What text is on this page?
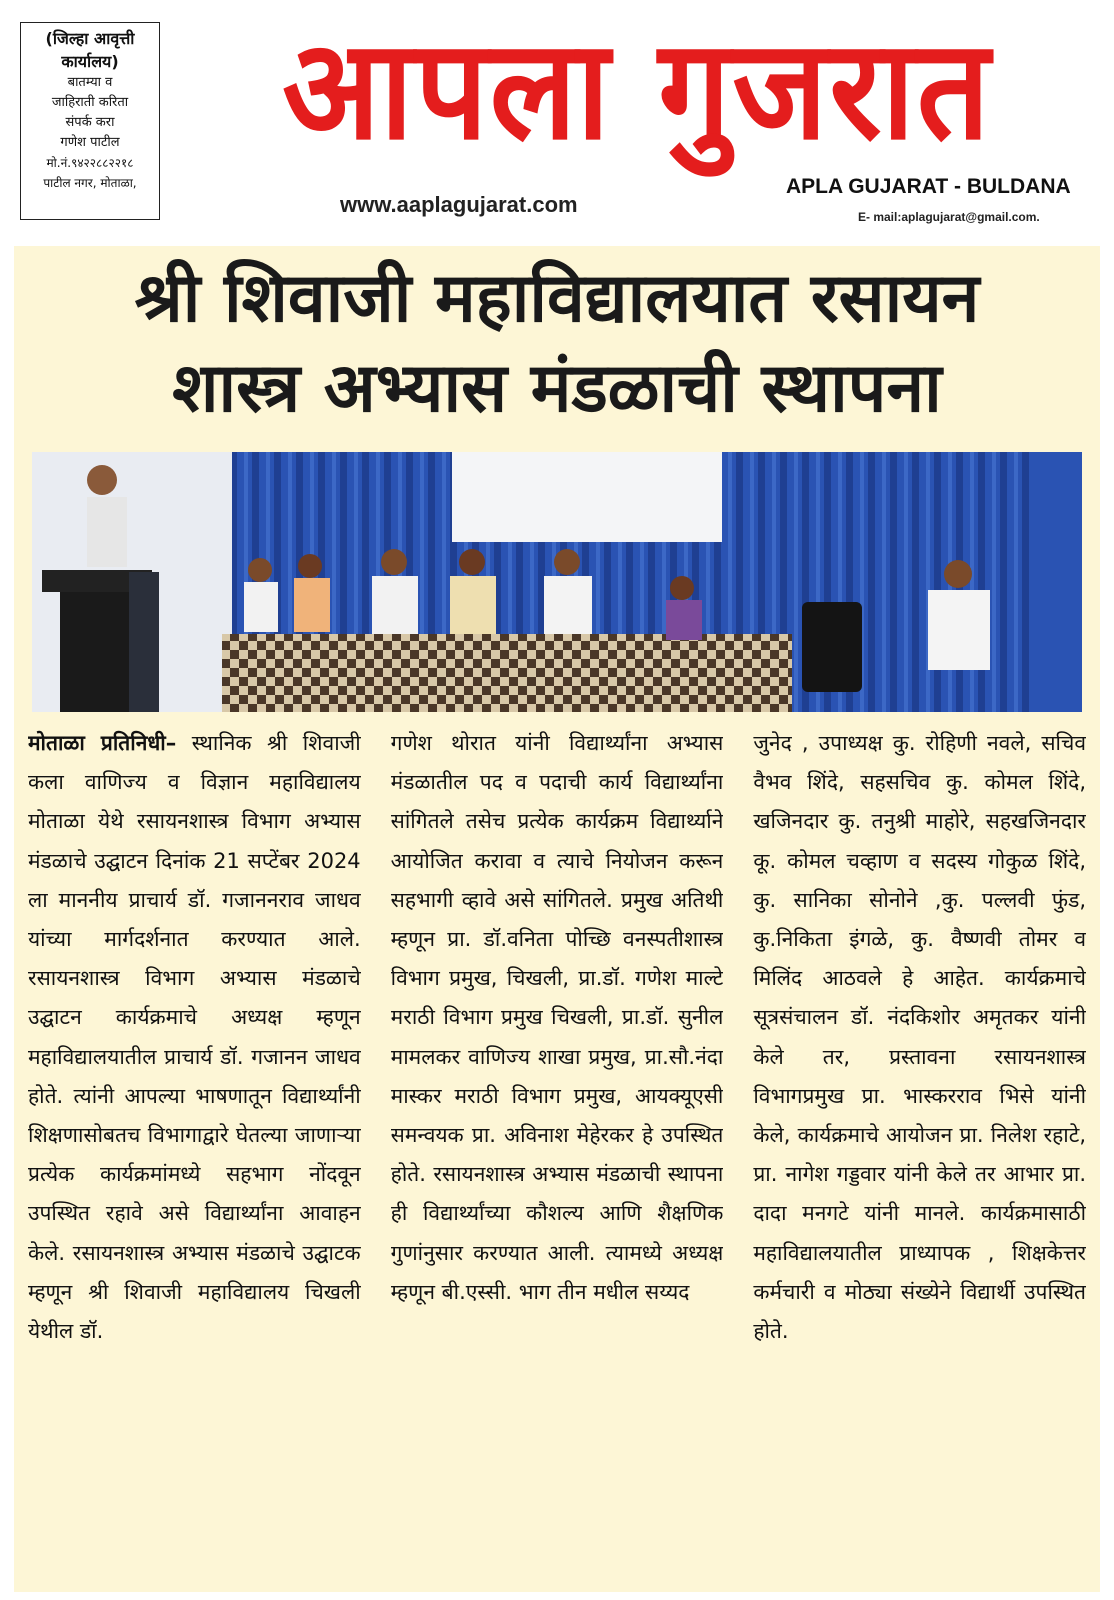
(जिल्हा आवृत्ती कार्यालय)
बातम्या व
जाहिराती करिता
संपर्क करा
गणेश पाटील
मो.नं.९४२२८८२२१८
पाटील नगर, मोताळा,
आपला गुजरात
www.aaplagujarat.com
APLA GUJARAT - BULDANA
E- mail:aplagujarat@gmail.com.
श्री शिवाजी महाविद्यालयात रसायन
शास्त्र अभ्यास मंडळाची स्थापना
मोताळा प्रतिनिधी– स्थानिक श्री शिवाजी कला वाणिज्य व विज्ञान महाविद्यालय मोताळा येथे रसायनशास्त्र विभाग अभ्यास मंडळाचे उद्घाटन दिनांक 21 सप्टेंबर 2024 ला माननीय प्राचार्य डॉ. गजाननराव जाधव यांच्या मार्गदर्शनात करण्यात आले. रसायनशास्त्र विभाग अभ्यास मंडळाचे उद्घाटन कार्यक्रमाचे अध्यक्ष म्हणून महाविद्यालयातील प्राचार्य डॉ. गजानन जाधव होते. त्यांनी आपल्या भाषणातून विद्यार्थ्यांनी शिक्षणासोबतच विभागाद्वारे घेतल्या जाणाऱ्या प्रत्येक कार्यक्रमांमध्ये सहभाग नोंदवून उपस्थित रहावे असे विद्यार्थ्यांना आवाहन केले. रसायनशास्त्र अभ्यास मंडळाचे उद्घाटक म्हणून श्री शिवाजी महाविद्यालय चिखली येथील डॉ.
गणेश थोरात यांनी विद्यार्थ्यांना अभ्यास मंडळातील पद व पदाची कार्य विद्यार्थ्यांना सांगितले तसेच प्रत्येक कार्यक्रम विद्यार्थ्याने आयोजित करावा व त्याचे नियोजन करून सहभागी व्हावे असे सांगितले. प्रमुख अतिथी म्हणून प्रा. डॉ.वनिता पोच्छि वनस्पतीशास्त्र विभाग प्रमुख, चिखली, प्रा.डॉ. गणेश माल्टे मराठी विभाग प्रमुख चिखली, प्रा.डॉ. सुनील मामलकर वाणिज्य शाखा प्रमुख, प्रा.सौ.नंदा मास्कर मराठी विभाग प्रमुख, आयक्यूएसी समन्वयक प्रा. अविनाश मेहेरकर हे उपस्थित होते. रसायनशास्त्र अभ्यास मंडळाची स्थापना ही विद्यार्थ्यांच्या कौशल्य आणि शैक्षणिक गुणांनुसार करण्यात आली. त्यामध्ये अध्यक्ष म्हणून बी.एस्सी. भाग तीन मधील सय्यद
जुनेद , उपाध्यक्ष कु. रोहिणी नवले, सचिव वैभव शिंदे, सहसचिव कु. कोमल शिंदे, खजिनदार कु. तनुश्री माहोरे, सहखजिनदार कू. कोमल चव्हाण व सदस्य गोकुळ शिंदे, कु. सानिका सोनोने ,कु. पल्लवी फुंड, कु.निकिता इंगळे, कु. वैष्णवी तोमर व मिलिंद आठवले हे आहेत. कार्यक्रमाचे सूत्रसंचालन डॉ. नंदकिशोर अमृतकर यांनी केले तर, प्रस्तावना रसायनशास्त्र विभागप्रमुख प्रा. भास्करराव भिसे यांनी केले, कार्यक्रमाचे आयोजन प्रा. निलेश रहाटे, प्रा. नागेश गड्डवार यांनी केले तर आभार प्रा. दादा मनगटे यांनी मानले. कार्यक्रमासाठी महाविद्यालयातील प्राध्यापक , शिक्षकेत्तर कर्मचारी व मोठ्या संख्येने विद्यार्थी उपस्थित होते.
